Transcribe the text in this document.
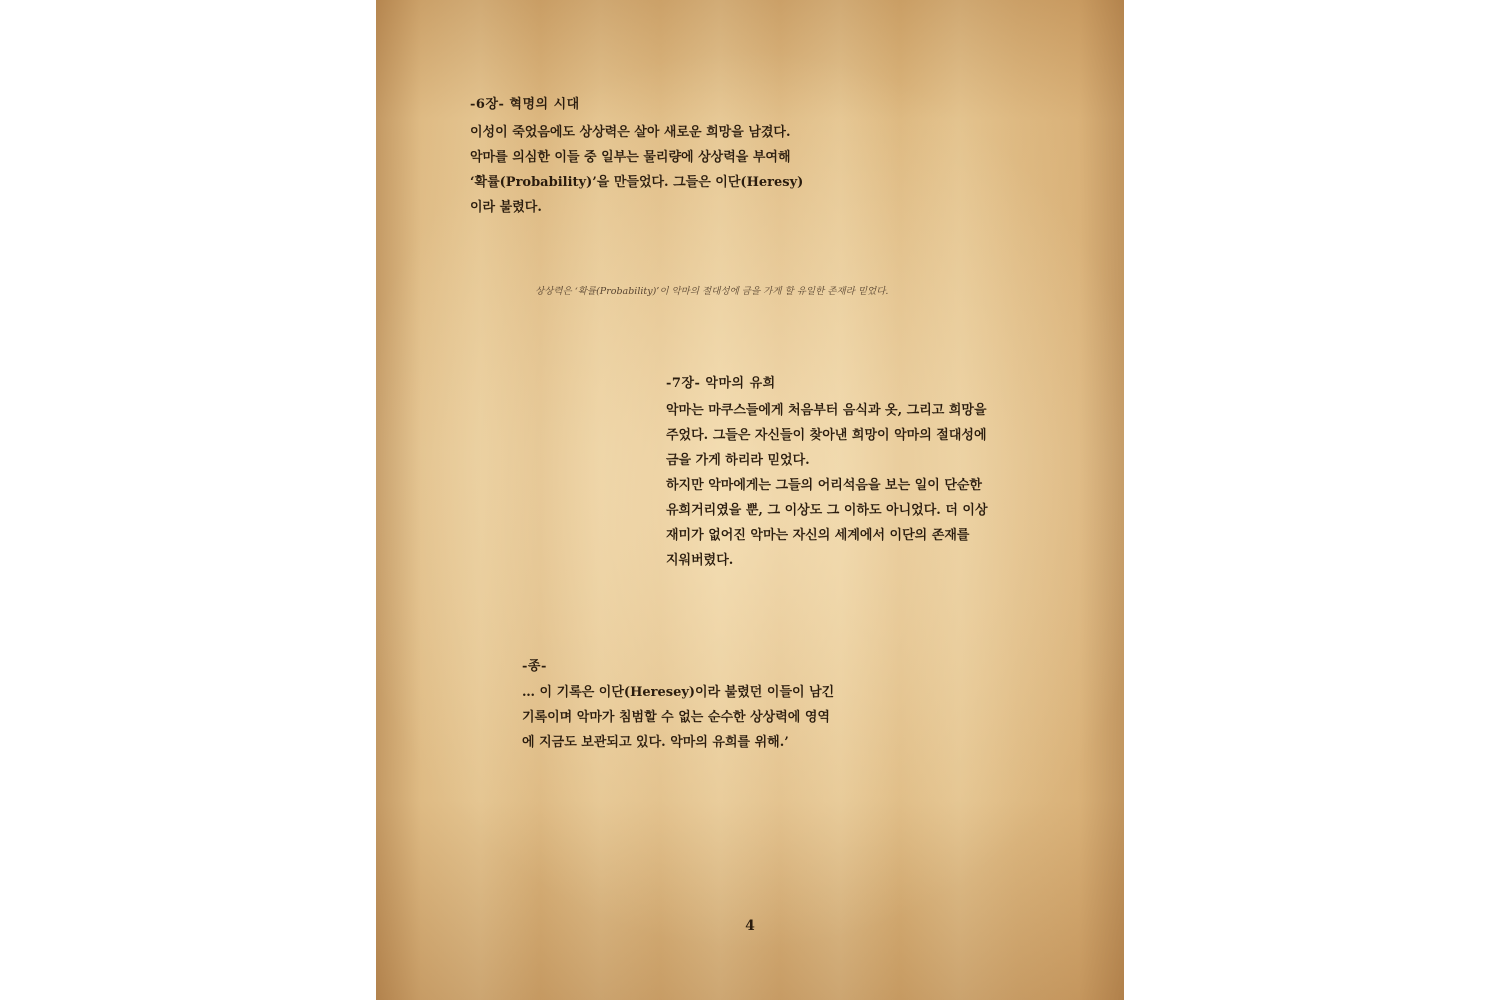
-6장- 혁명의 시대
이성이 죽었음에도 상상력은 살아 새로운 희망을 남겼다.
악마를 의심한 이들 중 일부는 물리량에 상상력을 부여해
‘확률(Probability)’을 만들었다. 그들은 이단(Heresy)
이라 불렸다.
상상력은 ‘확률(Probability)’이 악마의 절대성에 금을 가게 할 유일한 존재라 믿었다.
-7장- 악마의 유희
악마는 마쿠스들에게 처음부터 음식과 옷, 그리고 희망을
주었다. 그들은 자신들이 찾아낸 희망이 악마의 절대성에
금을 가게 하리라 믿었다.
하지만 악마에게는 그들의 어리석음을 보는 일이 단순한
유희거리였을 뿐, 그 이상도 그 이하도 아니었다. 더 이상
재미가 없어진 악마는 자신의 세계에서 이단의 존재를
지워버렸다.
-종-
… 이 기록은 이단(Heresey)이라 불렸던 이들이 남긴
기록이며 악마가 침범할 수 없는 순수한 상상력에 영역
에 지금도 보관되고 있다. 악마의 유희를 위해.’
4
